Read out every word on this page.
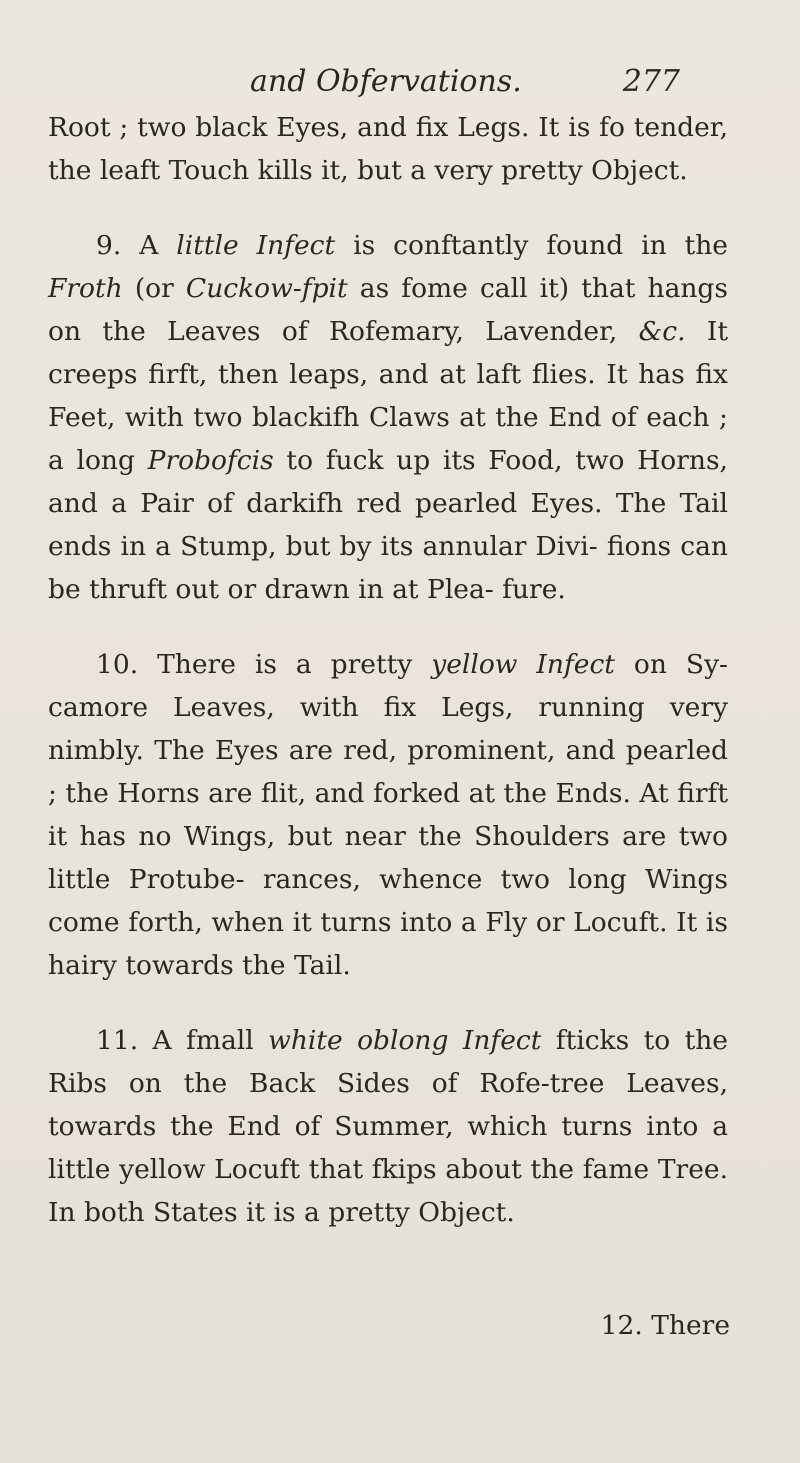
and Obfervations.	277

Root ; two black Eyes, and fix Legs. It is fo tender, the leaft Touch kills it, but a very pretty Object.

9. A little Infect is conftantly found in the Froth (or Cuckow-fpit as fome call it) that hangs on the Leaves of Rofemary, Lavender, &c. It creeps firft, then leaps, and at laft flies. It has fix Feet, with two blackifh Claws at the End of each ; a long Probofcis to fuck up its Food, two Horns, and a Pair of darkifh red pearled Eyes. The Tail ends in a Stump, but by its annular Divi- fions can be thruft out or drawn in at Plea- fure.

10. There is a pretty yellow Infect on Sy- camore Leaves, with fix Legs, running very nimbly. The Eyes are red, prominent, and pearled ; the Horns are flit, and forked at the Ends. At firft it has no Wings, but near the Shoulders are two little Protube- rances, whence two long Wings come forth, when it turns into a Fly or Locuft. It is hairy towards the Tail.

11. A fmall white oblong Infect fticks to the Ribs on the Back Sides of Rofe-tree Leaves, towards the End of Summer, which turns into a little yellow Locuft that fkips about the fame Tree. In both States it is a pretty Object.

12. There
